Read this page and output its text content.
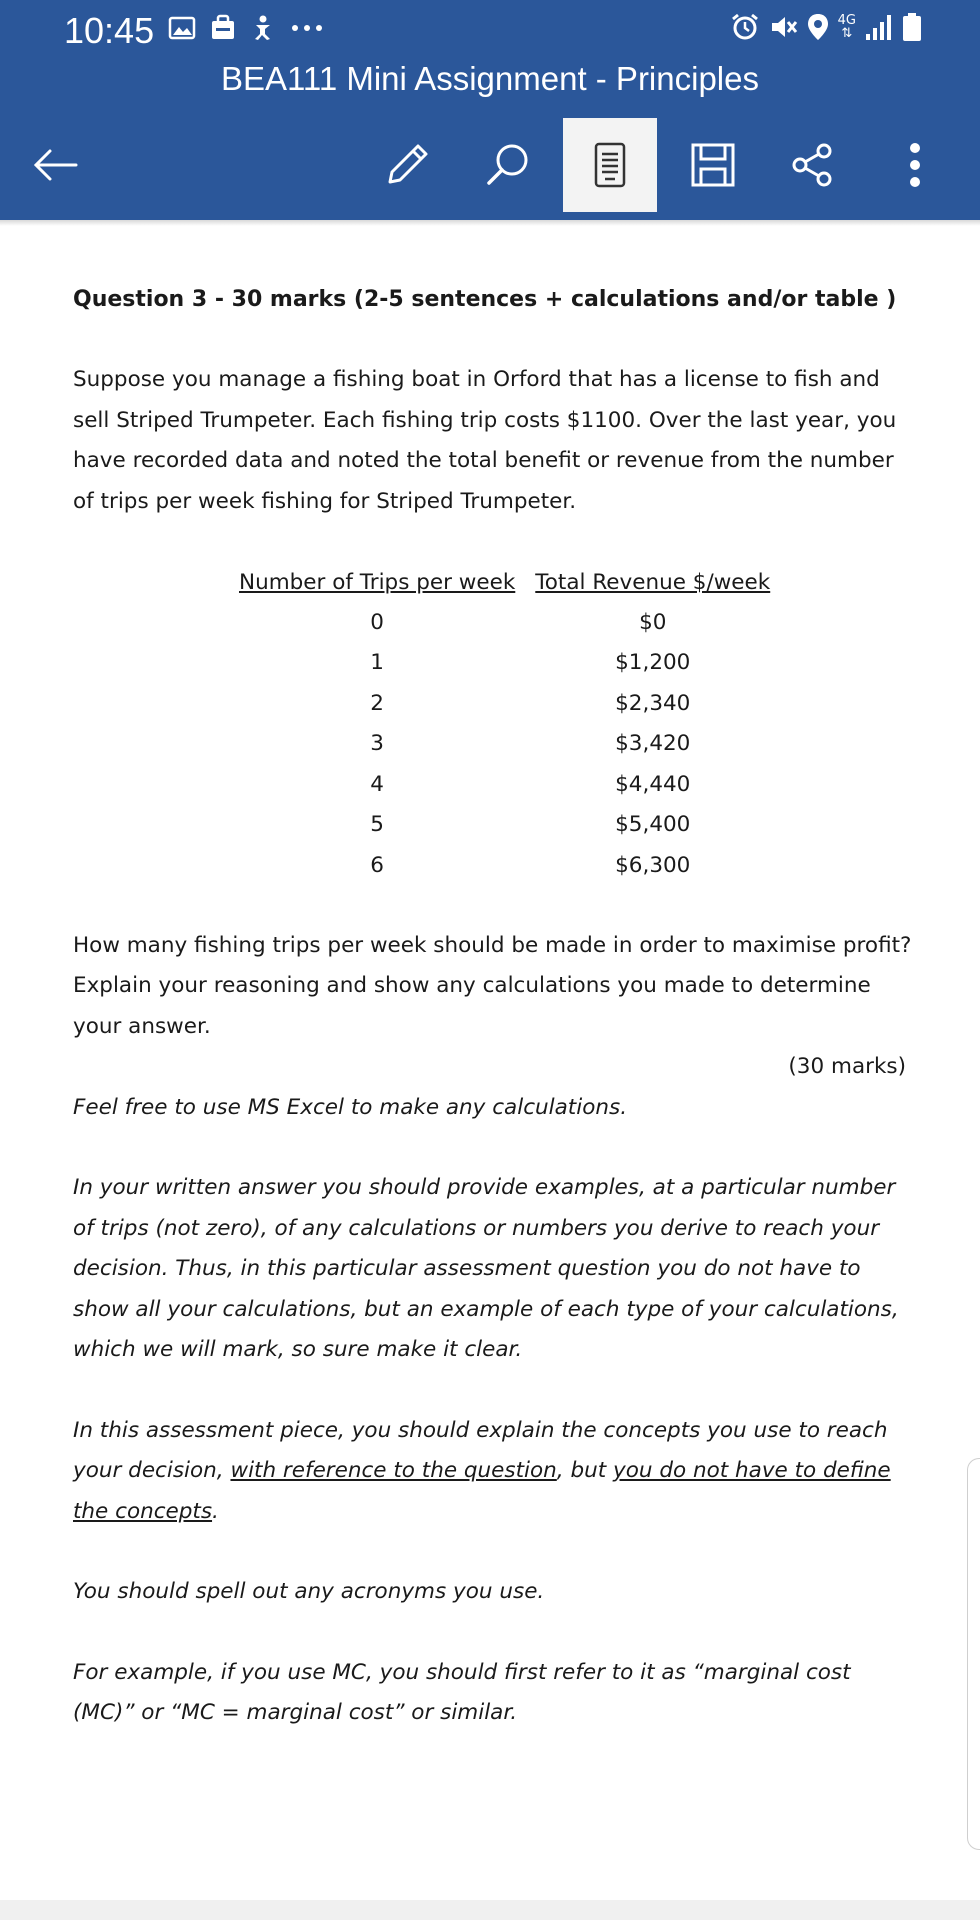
10:45	4G
⇅
BEA111 Mini Assignment - Principles

Question 3 - 30 marks (2-5 sentences + calculations and/or table )

Suppose you manage a fishing boat in Orford that has a license to fish and sell Striped Trumpeter. Each fishing trip costs $1100. Over the last year, you have recorded data and noted the total benefit or revenue from the number of trips per week fishing for Striped Trumpeter.

Number of Trips per week	Total Revenue $/week
0	$0
1	$1,200
2	$2,340
3	$3,420
4	$4,440
5	$5,400
6	$6,300

How many fishing trips per week should be made in order to maximise profit? Explain your reasoning and show any calculations you made to determine your answer.

(30 marks)

Feel free to use MS Excel to make any calculations.

In your written answer you should provide examples, at a particular number of trips (not zero), of any calculations or numbers you derive to reach your decision. Thus, in this particular assessment question you do not have to show all your calculations, but an example of each type of your calculations, which we will mark, so sure make it clear.

In this assessment piece, you should explain the concepts you use to reach your decision, with reference to the question, but you do not have to define the concepts.

You should spell out any acronyms you use.

For example, if you use MC, you should first refer to it as “marginal cost (MC)” or “MC = marginal cost” or similar.
